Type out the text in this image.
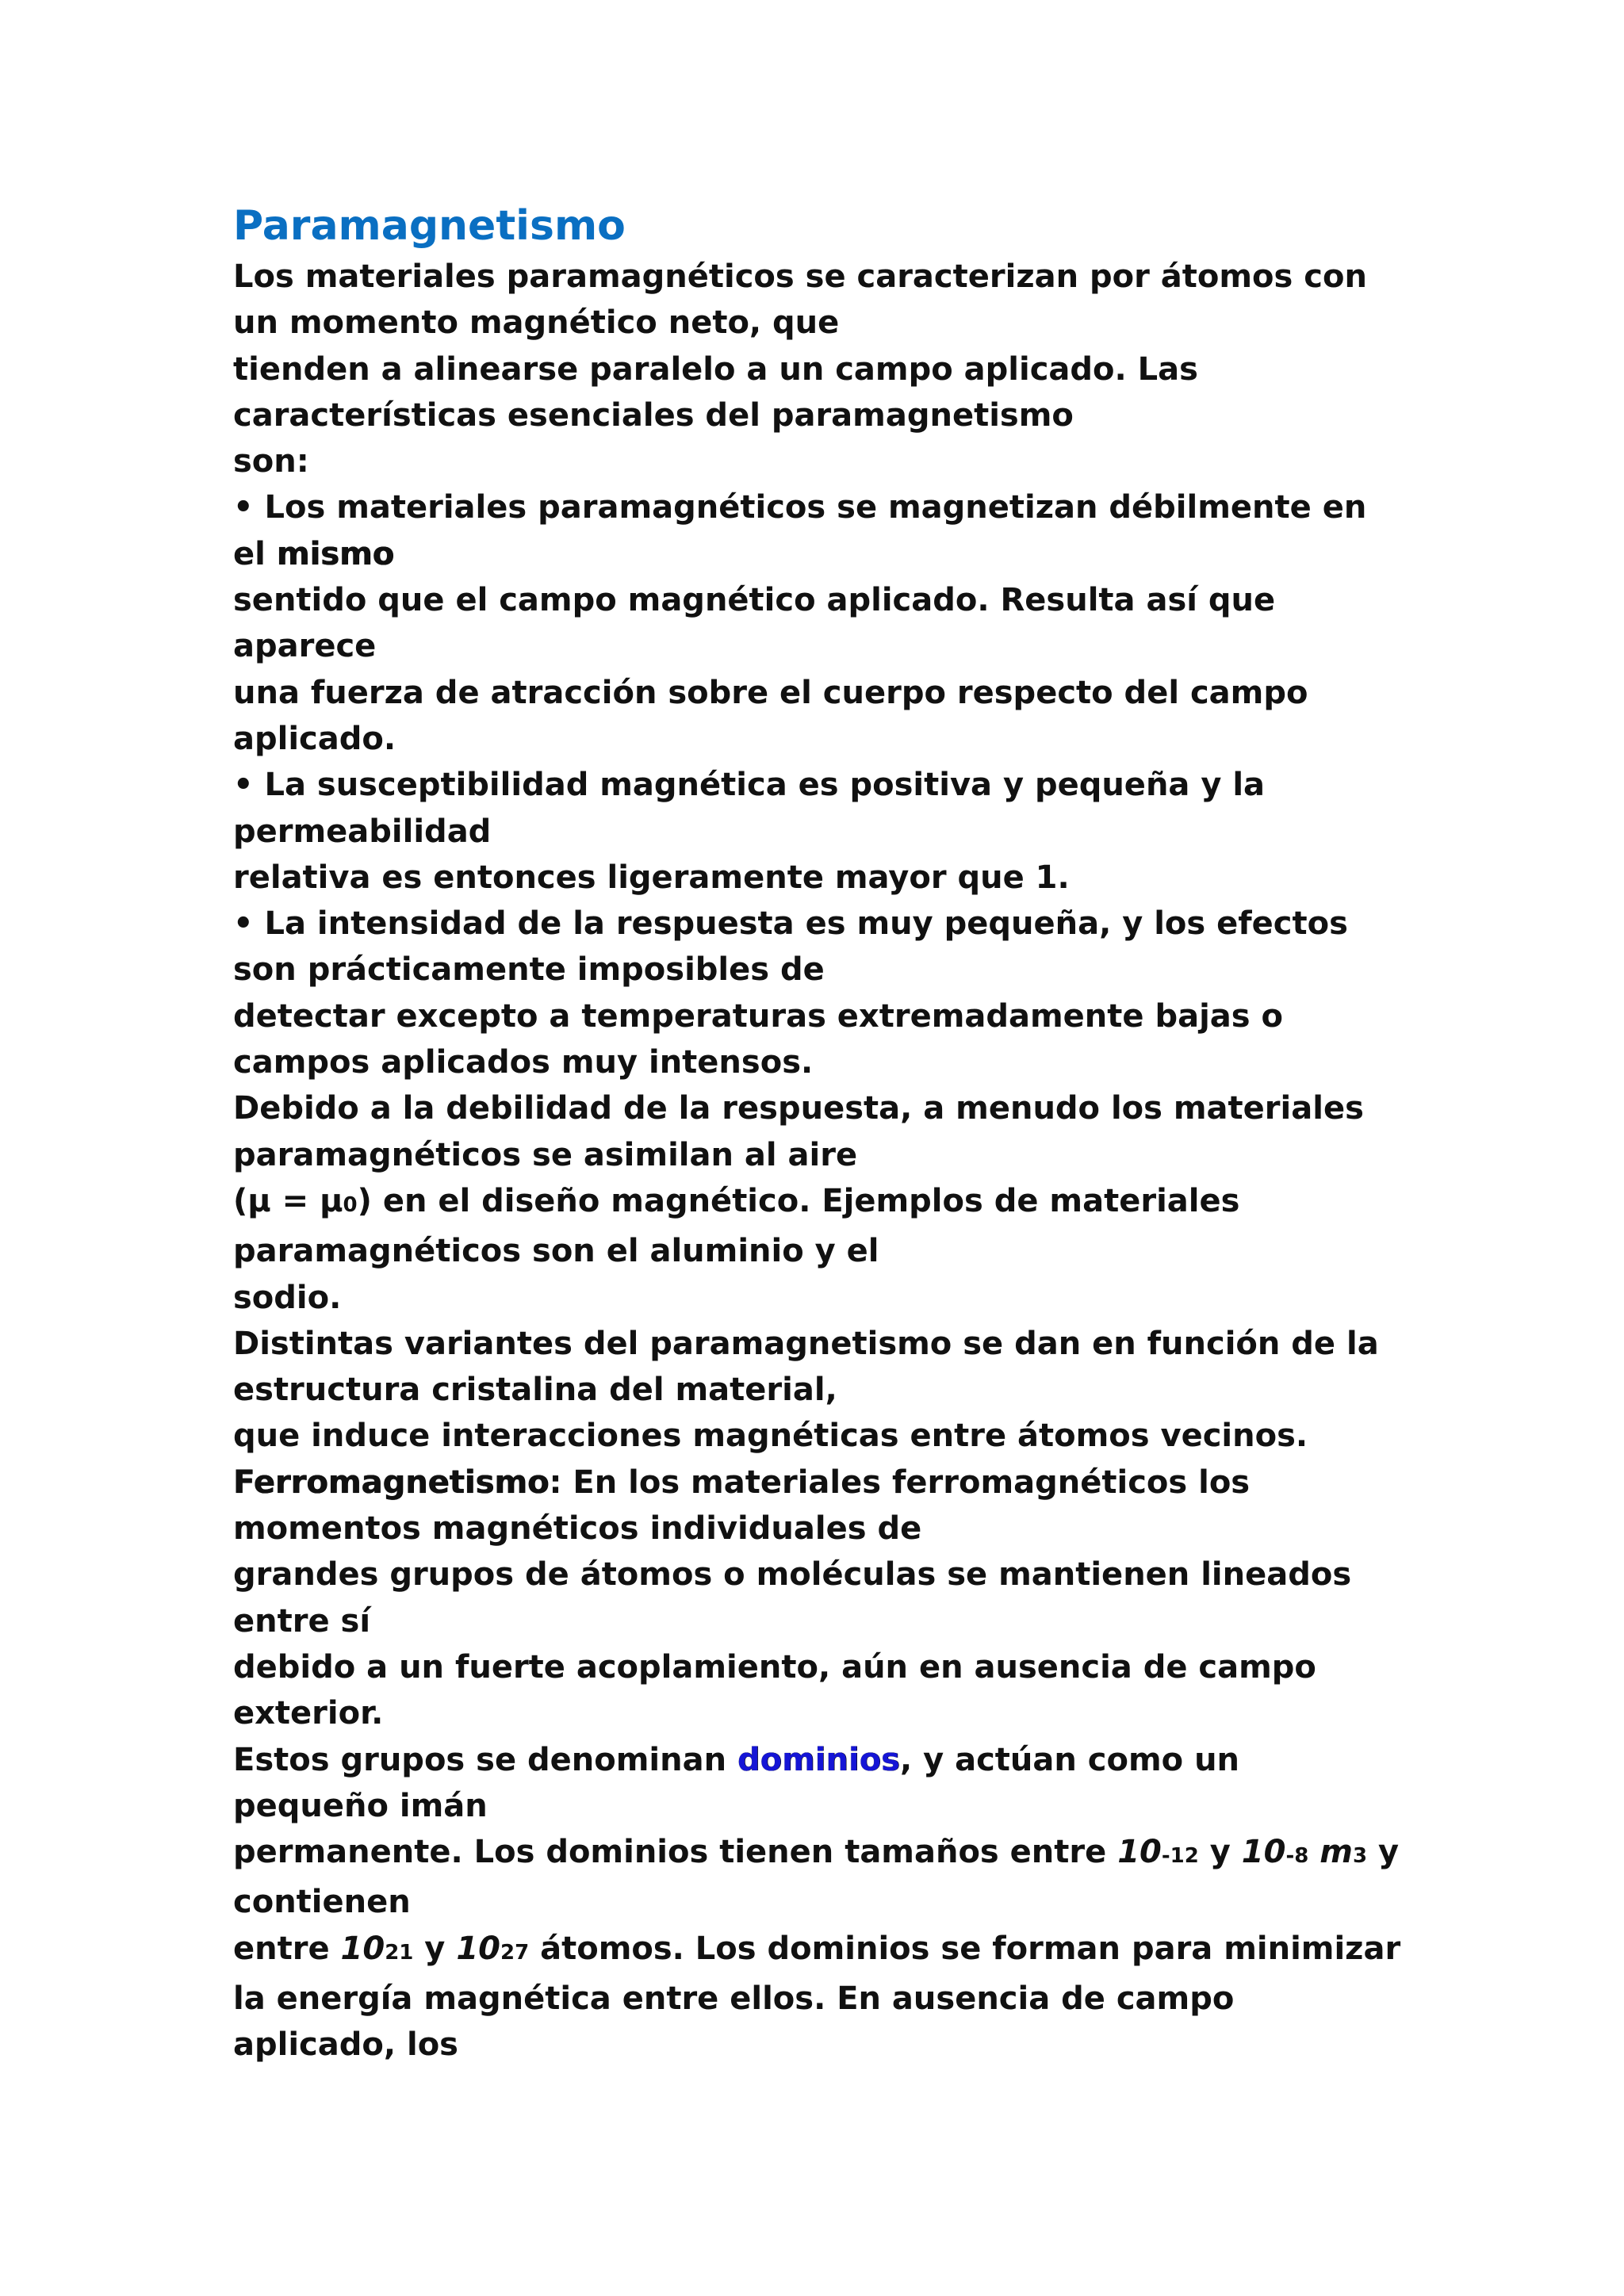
Paramagnetismo
Los materiales paramagnéticos se caracterizan por átomos con
un momento magnético neto, que
tienden a alinearse paralelo a un campo aplicado. Las
características esenciales del paramagnetismo
son:
• Los materiales paramagnéticos se magnetizan débilmente en
el mismo
sentido que el campo magnético aplicado. Resulta así que
aparece
una fuerza de atracción sobre el cuerpo respecto del campo
aplicado.
• La susceptibilidad magnética es positiva y pequeña y la
permeabilidad
relativa es entonces ligeramente mayor que 1.
• La intensidad de la respuesta es muy pequeña, y los efectos
son prácticamente imposibles de
detectar excepto a temperaturas extremadamente bajas o
campos aplicados muy intensos.
Debido a la debilidad de la respuesta, a menudo los materiales
paramagnéticos se asimilan al aire
(μ = μ0) en el diseño magnético. Ejemplos de materiales
paramagnéticos son el aluminio y el
sodio.
Distintas variantes del paramagnetismo se dan en función de la
estructura cristalina del material,
que induce interacciones magnéticas entre átomos vecinos.
Ferromagnetismo: En los materiales ferromagnéticos los
momentos magnéticos individuales de
grandes grupos de átomos o moléculas se mantienen lineados
entre sí
debido a un fuerte acoplamiento, aún en ausencia de campo
exterior.
Estos grupos se denominan dominios, y actúan como un
pequeño imán
permanente. Los dominios tienen tamaños entre 10-12 y 10-8 m3 y
contienen
entre 1021 y 1027 átomos. Los dominios se forman para minimizar
la energía magnética entre ellos. En ausencia de campo
aplicado, los
